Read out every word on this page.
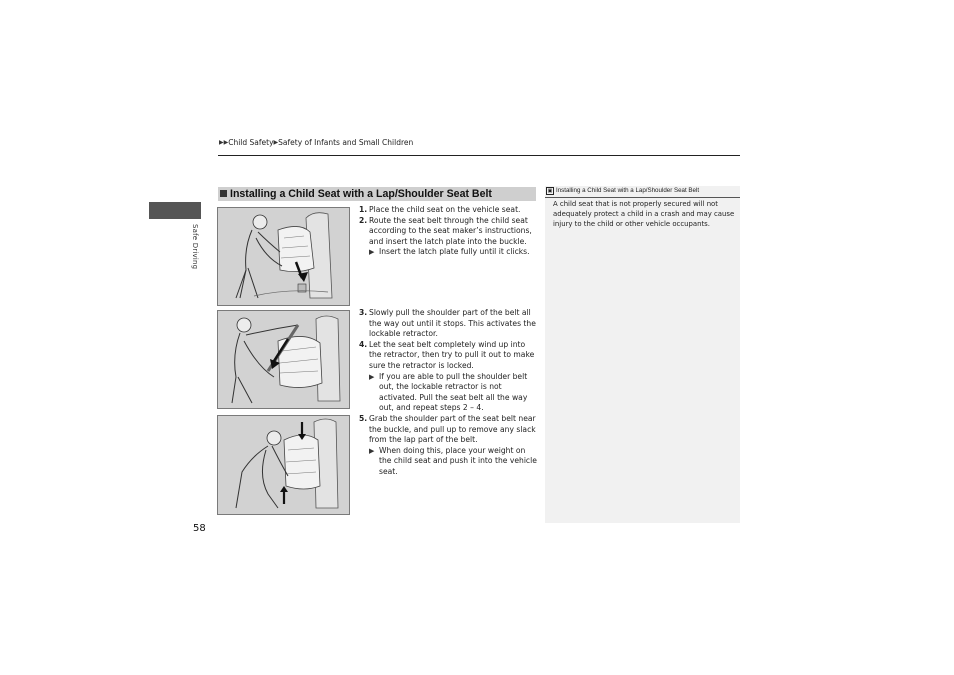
▶▶Child Safety▶Safety of Infants and Small Children
Safe Driving
58
Installing a Child Seat with a Lap/Shoulder Seat Belt

1. Place the child seat on the vehicle seat.

2. Route the seat belt through the child seat according to the seat maker’s instructions, and insert the latch plate into the buckle.

▶ Insert the latch plate fully until it clicks.

3. Slowly pull the shoulder part of the belt all the way out until it stops. This activates the lockable retractor.

4. Let the seat belt completely wind up into the retractor, then try to pull it out to make sure the retractor is locked.

▶ If you are able to pull the shoulder belt out, the lockable retractor is not activated. Pull the seat belt all the way out, and repeat steps 2 – 4.

5. Grab the shoulder part of the seat belt near the buckle, and pull up to remove any slack from the lap part of the belt.

▶ When doing this, place your weight on the child seat and push it into the vehicle seat.

▣ Installing a Child Seat with a Lap/Shoulder Seat Belt
A child seat that is not properly secured will not adequately protect a child in a crash and may cause injury to the child or other vehicle occupants.
